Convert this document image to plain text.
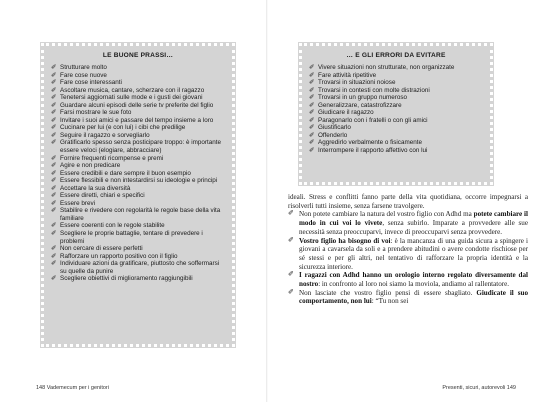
LE BUONE PRASSI…
✐ Strutturare molto
✐ Fare cose nuove
✐ Fare cose interessanti
✐ Ascoltare musica, cantare, scherzare con il ragazzo
✐ Tenetersi aggiornati sulle mode e i gusti dei giovani
✐ Guardare alcuni episodi delle serie tv preferite del figlio
✐ Farsi mostrare le sue foto
✐ Invitare i suoi amici e passare del tempo insieme a loro
✐ Cucinare per lui (e con lui) i cibi che predilige
✐ Seguire il ragazzo e sorvegliarlo
✐ Gratificarlo spesso senza posticipare troppo: è importante essere veloci (elogiare, abbracciare)
✐ Fornire frequenti ricompense e premi
✐ Agire e non predicare
✐ Essere credibili e dare sempre il buon esempio
✐ Essere flessibili e non intestardirsi su ideologie e principi
✐ Accettare la sua diversità
✐ Essere diretti, chiari e specifici
✐ Essere brevi
✐ Stabilire e rivedere con regolarità le regole base della vita familiare
✐ Essere coerenti con le regole stabilite
✐ Scegliere le proprie battaglie, tentare di prevedere i problemi
✐ Non cercare di essere perfetti
✐ Rafforzare un rapporto positivo con il figlio
✐ Individuare azioni da gratificare, piuttosto che soffermarsi su quelle da punire
✐ Scegliere obiettivi di miglioramento raggiungibili
148 Vademecum per i genitori
… E GLI ERRORI DA EVITARE
✐ Vivere situazioni non strutturate, non organizzate
✐ Fare attività ripetitive
✐ Trovarsi in situazioni noiose
✐ Trovarsi in contesti con molte distrazioni
✐ Trovarsi in un gruppo numeroso
✐ Generalizzare, catastrofizzare
✐ Giudicare il ragazzo
✐ Paragonarlo con i fratelli o con gli amici
✐ Giustificarlo
✐ Offenderlo
✐ Aggredirlo verbalmente o fisicamente
✐ Interrompere il rapporto affettivo con lui

ideali. Stress e conflitti fanno parte della vita quotidiana, occorre impegnarsi a risolverli tutti insieme, senza farsene travolgere.

✐ Non potete cambiare la natura del vostro figlio con Adhd ma potete cambiare il modo in cui voi lo vivete, senza subirlo. Imparate a provvedere alle sue necessità senza preoccuparvi, invece di preoccuparvi senza provvedere.

✐ Vostro figlio ha bisogno di voi: è la mancanza di una guida sicura a spingere i giovani a cavarsela da soli e a prendere abitudini o avere condotte rischiose per sé stessi e per gli altri, nel tentativo di rafforzare la propria identità e la sicurezza interiore.

✐ I ragazzi con Adhd hanno un orologio interno regolato diversamente dal nostro: in confronto al loro noi siamo la moviola, andiamo al rallentatore.

✐ Non lasciate che vostro figlio pensi di essere sbagliato. Giudicate il suo comportamento, non lui: “Tu non sei

Presenti, sicuri, autorevoli 149
